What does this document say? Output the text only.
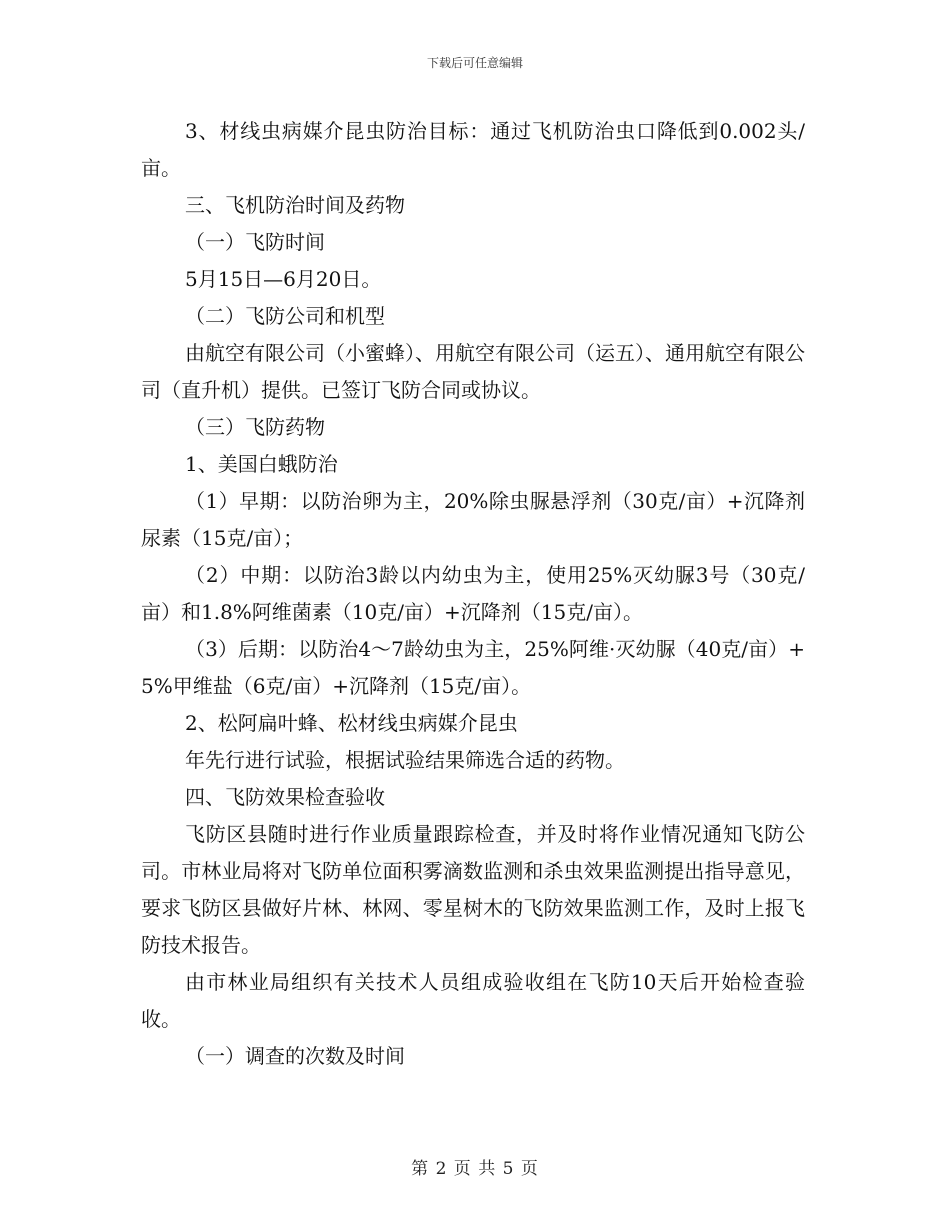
下载后可任意编辑

3、材线虫病媒介昆虫防治目标：通过飞机防治虫口降低到0.002头/亩。

三、飞机防治时间及药物

（一）飞防时间

5月15日—6月20日。

（二）飞防公司和机型

由航空有限公司（小蜜蜂）、用航空有限公司（运五）、通用航空有限公司（直升机）提供。已签订飞防合同或协议。

（三）飞防药物

1、美国白蛾防治

（1）早期：以防治卵为主，20%除虫脲悬浮剂（30克/亩）+沉降剂尿素（15克/亩）；

（2）中期：以防治3龄以内幼虫为主，使用25%灭幼脲3号（30克/亩）和1.8%阿维菌素（10克/亩）+沉降剂（15克/亩）。

（3）后期：以防治4～7龄幼虫为主，25%阿维·灭幼脲（40克/亩）+5%甲维盐（6克/亩）+沉降剂（15克/亩）。

2、松阿扁叶蜂、松材线虫病媒介昆虫

年先行进行试验，根据试验结果筛选合适的药物。

四、飞防效果检查验收

飞防区县随时进行作业质量跟踪检查，并及时将作业情况通知飞防公司。市林业局将对飞防单位面积雾滴数监测和杀虫效果监测提出指导意见，要求飞防区县做好片林、林网、零星树木的飞防效果监测工作，及时上报飞防技术报告。

由市林业局组织有关技术人员组成验收组在飞防10天后开始检查验收。

（一）调查的次数及时间

第 2 页 共 5 页
